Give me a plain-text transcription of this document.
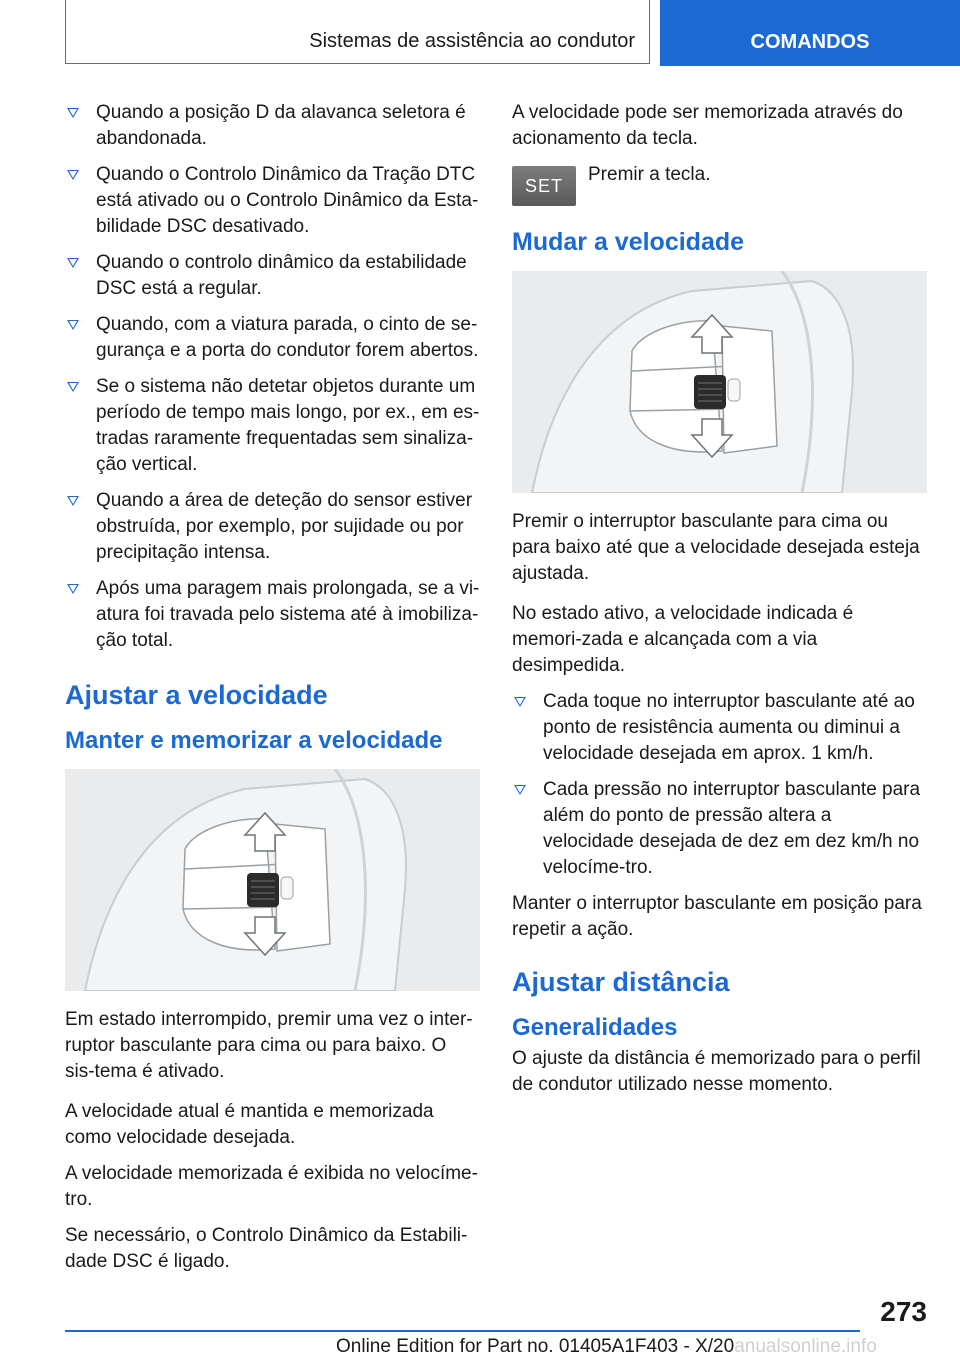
Sistemas de assistência ao condutor	COMANDOS
Quando a posição D da alavanca seletora é abandonada.
Quando o Controlo Dinâmico da Tração DTC está ativado ou o Controlo Dinâmico da Esta-bilidade DSC desativado.
Quando o controlo dinâmico da estabilidade DSC está a regular.
Quando, com a viatura parada, o cinto de se-gurança e a porta do condutor forem abertos.
Se o sistema não detetar objetos durante um período de tempo mais longo, por ex., em es-tradas raramente frequentadas sem sinaliza-ção vertical.
Quando a área de deteção do sensor estiver obstruída, por exemplo, por sujidade ou por precipitação intensa.
Após uma paragem mais prolongada, se a vi-atura foi travada pelo sistema até à imobiliza-ção total.
Ajustar a velocidade
Manter e memorizar a velocidade

Em estado interrompido, premir uma vez o inter-ruptor basculante para cima ou para baixo. O sis-tema é ativado.

A velocidade atual é mantida e memorizada como velocidade desejada.

A velocidade memorizada é exibida no velocíme-tro.

Se necessário, o Controlo Dinâmico da Estabili-dade DSC é ligado.

A velocidade pode ser memorizada através do acionamento da tecla.

SET
Premir a tecla.
Mudar a velocidade

Premir o interruptor basculante para cima ou para baixo até que a velocidade desejada esteja ajustada.

No estado ativo, a velocidade indicada é memori-zada e alcançada com a via desimpedida.

Cada toque no interruptor basculante até ao ponto de resistência aumenta ou diminui a velocidade desejada em aprox. 1 km/h.
Cada pressão no interruptor basculante para além do ponto de pressão altera a velocidade desejada de dez em dez km/h no velocíme-tro.

Manter o interruptor basculante em posição para repetir a ação.

Ajustar distância
Generalidades

O ajuste da distância é memorizado para o perfil de condutor utilizado nesse momento.

273
Online Edition for Part no. 01405A1F403 - X/20anualsonline.info
